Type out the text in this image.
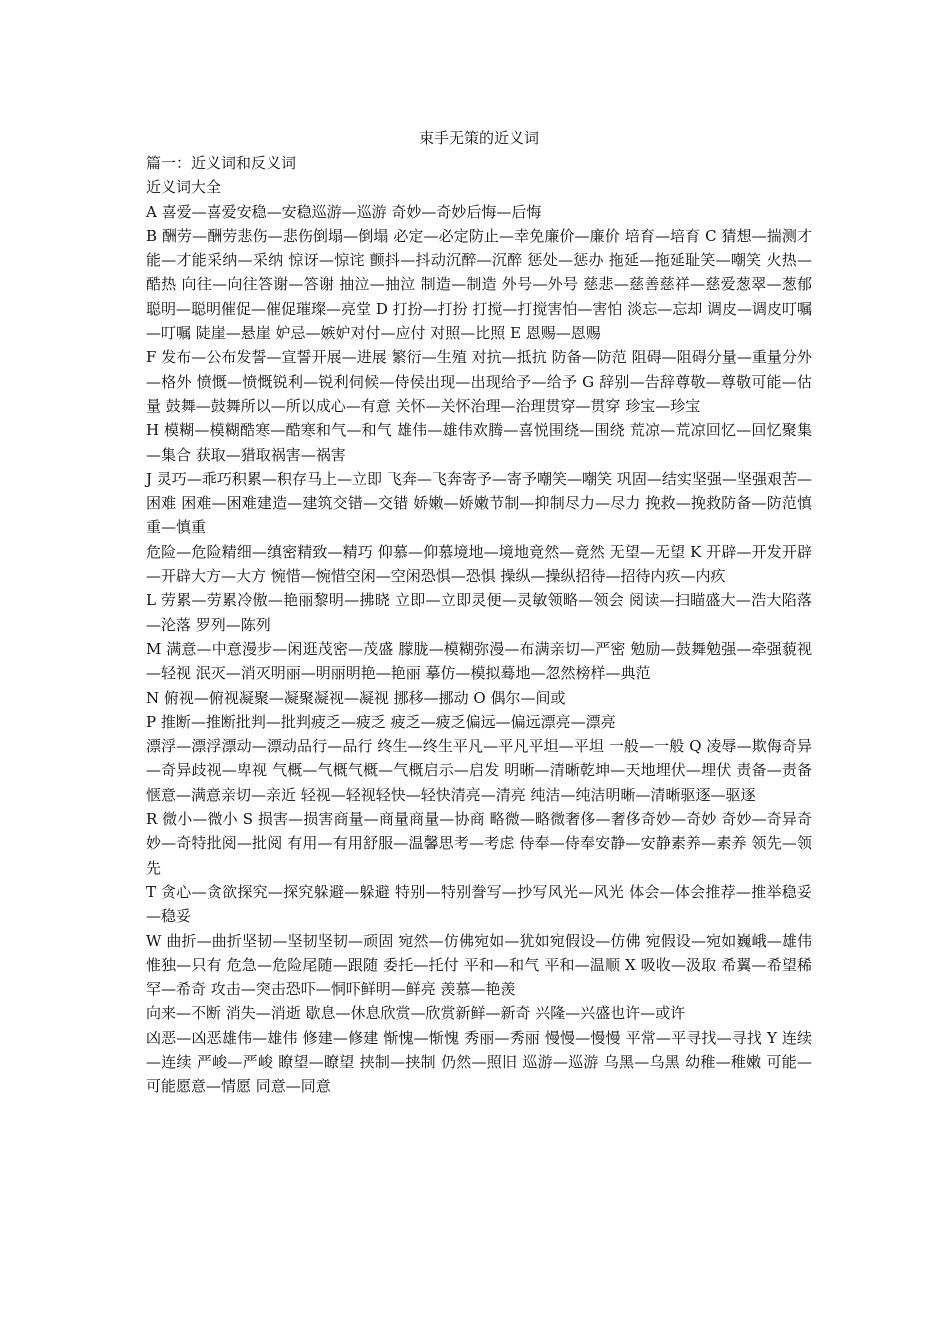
束手无策的近义词

篇一：近义词和反义词

近义词大全

A 喜爱—喜爱安稳—安稳巡游—巡游 奇妙—奇妙后悔—后悔

B 酬劳—酬劳悲伤—悲伤倒塌—倒塌 必定—必定防止—幸免廉价—廉价 培育—培育 C 猜想—揣测才能—才能采纳—采纳 惊讶—惊诧 颤抖—抖动沉醉—沉醉 惩处—惩办 拖延—拖延耻笑—嘲笑 火热—酷热 向往—向往答谢—答谢 抽泣—抽泣 制造—制造 外号—外号 慈悲—慈善慈祥—慈爱葱翠—葱郁 聪明—聪明催促—催促璀璨—亮堂 D 打扮—打扮 打搅—打搅害怕—害怕 淡忘—忘却 调皮—调皮叮嘱—叮嘱 陡崖—悬崖 妒忌—嫉妒对付—应付 对照—比照 E 恩赐—恩赐

F 发布—公布发誓—宣誓开展—进展 繁衍—生殖 对抗—抵抗 防备—防范 阻碍—阻碍分量—重量分外—格外 愤慨—愤慨锐利—锐利伺候—侍侯出现—出现给予—给予 G 辞别—告辞尊敬—尊敬可能—估量 鼓舞—鼓舞所以—所以成心—有意 关怀—关怀治理—治理贯穿—贯穿 珍宝—珍宝

H 模糊—模糊酷寒—酷寒和气—和气 雄伟—雄伟欢腾—喜悦围绕—围绕 荒凉—荒凉回忆—回忆聚集—集合 获取—猎取祸害—祸害

J 灵巧—乖巧积累—积存马上—立即 飞奔—飞奔寄予—寄予嘲笑—嘲笑 巩固—结实坚强—坚强艰苦—困难 困难—困难建造—建筑交错—交错 娇嫩—娇嫩节制—抑制尽力—尽力 挽救—挽救防备—防范慎重—慎重

危险—危险精细—缜密精致—精巧 仰慕—仰慕境地—境地竟然—竟然 无望—无望 K 开辟—开发开辟—开辟大方—大方 惋惜—惋惜空闲—空闲恐惧—恐惧 操纵—操纵招待—招待内疚—内疚

L 劳累—劳累冷傲—艳丽黎明—拂晓 立即—立即灵便—灵敏领略—领会 阅读—扫瞄盛大—浩大陷落—沦落 罗列—陈列

M 满意—中意漫步—闲逛茂密—茂盛 朦胧—模糊弥漫—布满亲切—严密 勉励—鼓舞勉强—牵强藐视—轻视 泯灭—消灭明丽—明丽明艳—艳丽 摹仿—模拟蓦地—忽然榜样—典范

N 俯视—俯视凝聚—凝聚凝视—凝视 挪移—挪动 O 偶尔—间或

P 推断—推断批判—批判疲乏—疲乏 疲乏—疲乏偏远—偏远漂亮—漂亮

漂浮—漂浮漂动—漂动品行—品行 终生—终生平凡—平凡平坦—平坦 一般—一般 Q 凌辱—欺侮奇异—奇异歧视—卑视 气概—气概气概—气概启示—启发 明晰—清晰乾坤—天地埋伏—埋伏 责备—责备惬意—满意亲切—亲近 轻视—轻视轻快—轻快清亮—清亮 纯洁—纯洁明晰—清晰驱逐—驱逐

R 微小—微小 S 损害—损害商量—商量商量—协商 略微—略微奢侈—奢侈奇妙—奇妙 奇妙—奇异奇妙—奇特批阅—批阅 有用—有用舒服—温馨思考—考虑 侍奉—侍奉安静—安静素养—素养 领先—领先

T 贪心—贪欲探究—探究躲避—躲避 特别—特别誊写—抄写风光—风光 体会—体会推荐—推举稳妥—稳妥

W 曲折—曲折坚韧—坚韧坚韧—顽固 宛然—仿佛宛如—犹如宛假设—仿佛 宛假设—宛如巍峨—雄伟惟独—只有 危急—危险尾随—跟随 委托—托付 平和—和气 平和—温顺 X 吸收—汲取 希翼—希望稀罕—希奇 攻击—突击恐吓—恫吓鲜明—鲜亮 羡慕—艳羡

向来—不断 消失—消逝 歇息—休息欣赏—欣赏新鲜—新奇 兴隆—兴盛也许—或许

凶恶—凶恶雄伟—雄伟 修建—修建 惭愧—惭愧 秀丽—秀丽 慢慢—慢慢 平常—平寻找—寻找 Y 连续—连续 严峻—严峻 瞭望—瞭望 挟制—挟制 仍然—照旧 巡游—巡游 乌黑—乌黑 幼稚—稚嫩 可能—可能愿意—情愿 同意—同意
